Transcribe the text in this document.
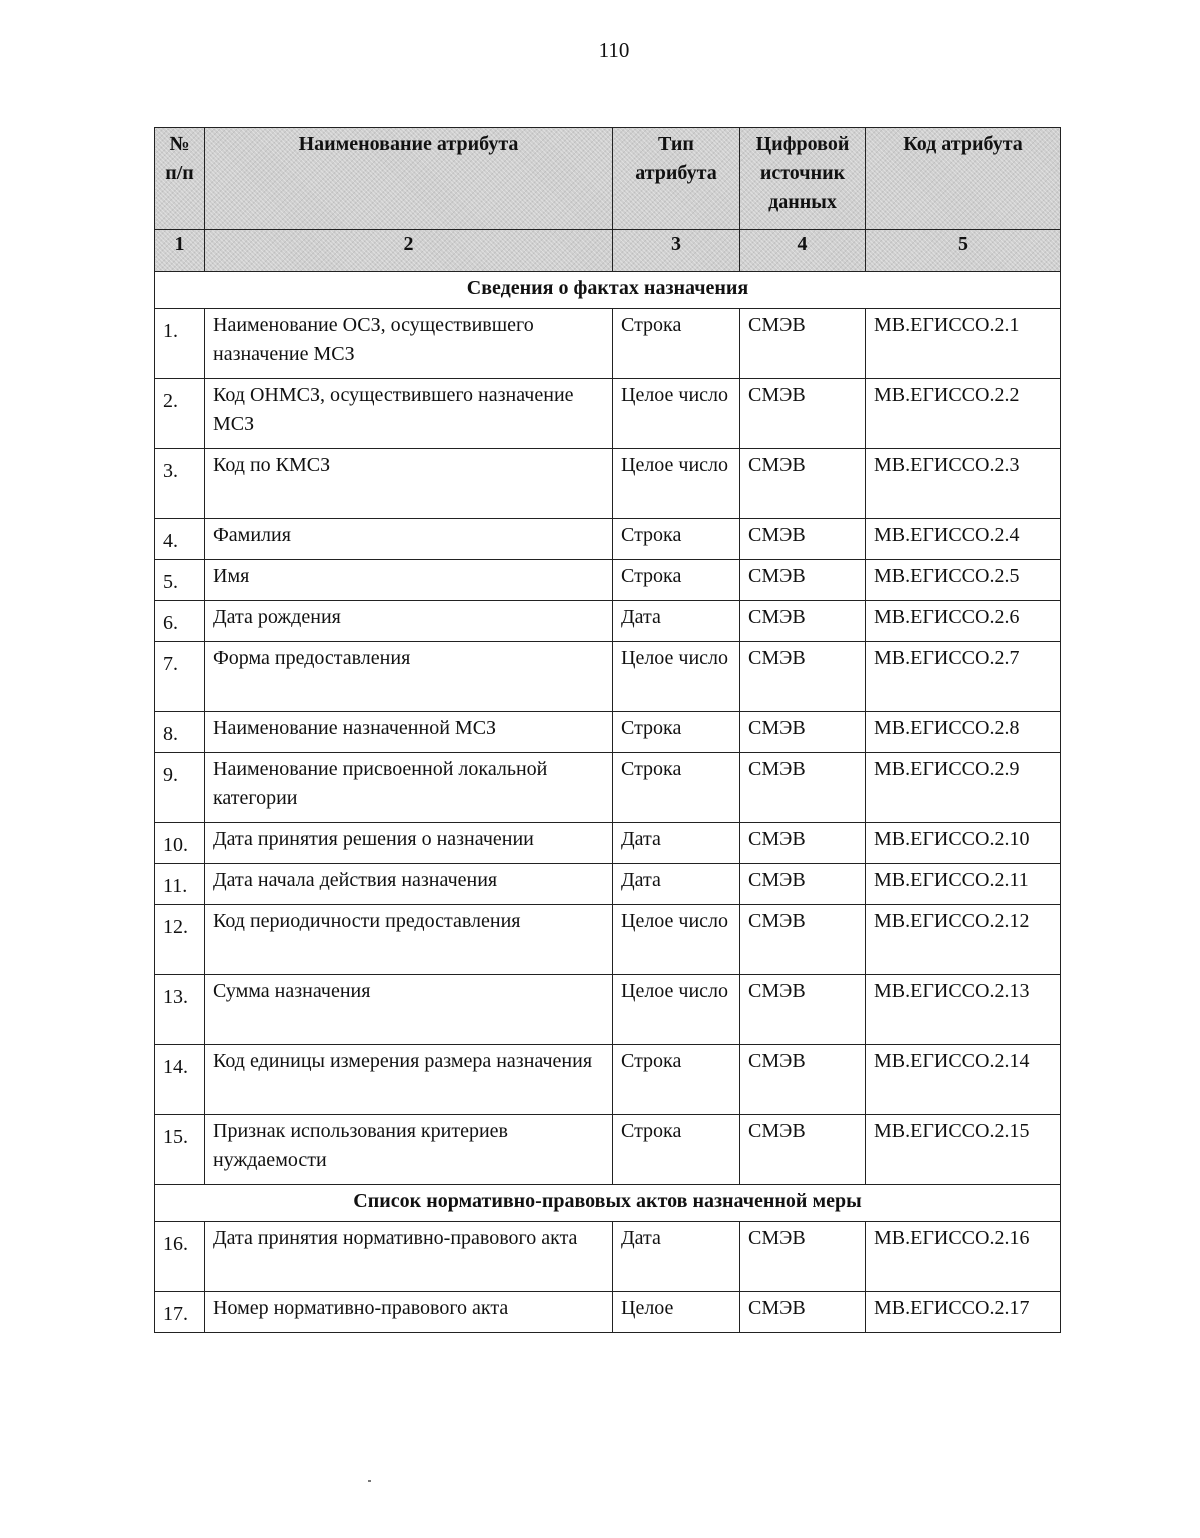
110
№ п/п	Наименование атрибута	Тип атрибута	Цифровой источник данных	Код атрибута
1	2	3	4	5
Сведения о фактах назначения				
1.	Наименование ОСЗ, осуществившего назначение МСЗ	Строка	СМЭВ	МВ.ЕГИССО.2.1
2.	Код ОНМСЗ, осуществившего назначение МСЗ	Целое число	СМЭВ	МВ.ЕГИССО.2.2
3.	Код по КМСЗ	Целое число	СМЭВ	МВ.ЕГИССО.2.3
4.	Фамилия	Строка	СМЭВ	МВ.ЕГИССО.2.4
5.	Имя	Строка	СМЭВ	МВ.ЕГИССО.2.5
6.	Дата рождения	Дата	СМЭВ	МВ.ЕГИССО.2.6
7.	Форма предоставления	Целое число	СМЭВ	МВ.ЕГИССО.2.7
8.	Наименование назначенной МСЗ	Строка	СМЭВ	МВ.ЕГИССО.2.8
9.	Наименование присвоенной локальной категории	Строка	СМЭВ	МВ.ЕГИССО.2.9
10.	Дата принятия решения о назначении	Дата	СМЭВ	МВ.ЕГИССО.2.10
11.	Дата начала действия назначения	Дата	СМЭВ	МВ.ЕГИССО.2.11
12.	Код периодичности предоставления	Целое число	СМЭВ	МВ.ЕГИССО.2.12
13.	Сумма назначения	Целое число	СМЭВ	МВ.ЕГИССО.2.13
14.	Код единицы измерения размера назначения	Строка	СМЭВ	МВ.ЕГИССО.2.14
15.	Признак использования критериев нуждаемости	Строка	СМЭВ	МВ.ЕГИССО.2.15
Список нормативно-правовых актов назначенной меры				
16.	Дата принятия нормативно-правового акта	Дата	СМЭВ	МВ.ЕГИССО.2.16
17.	Номер нормативно-правового акта	Целое	СМЭВ	МВ.ЕГИССО.2.17
